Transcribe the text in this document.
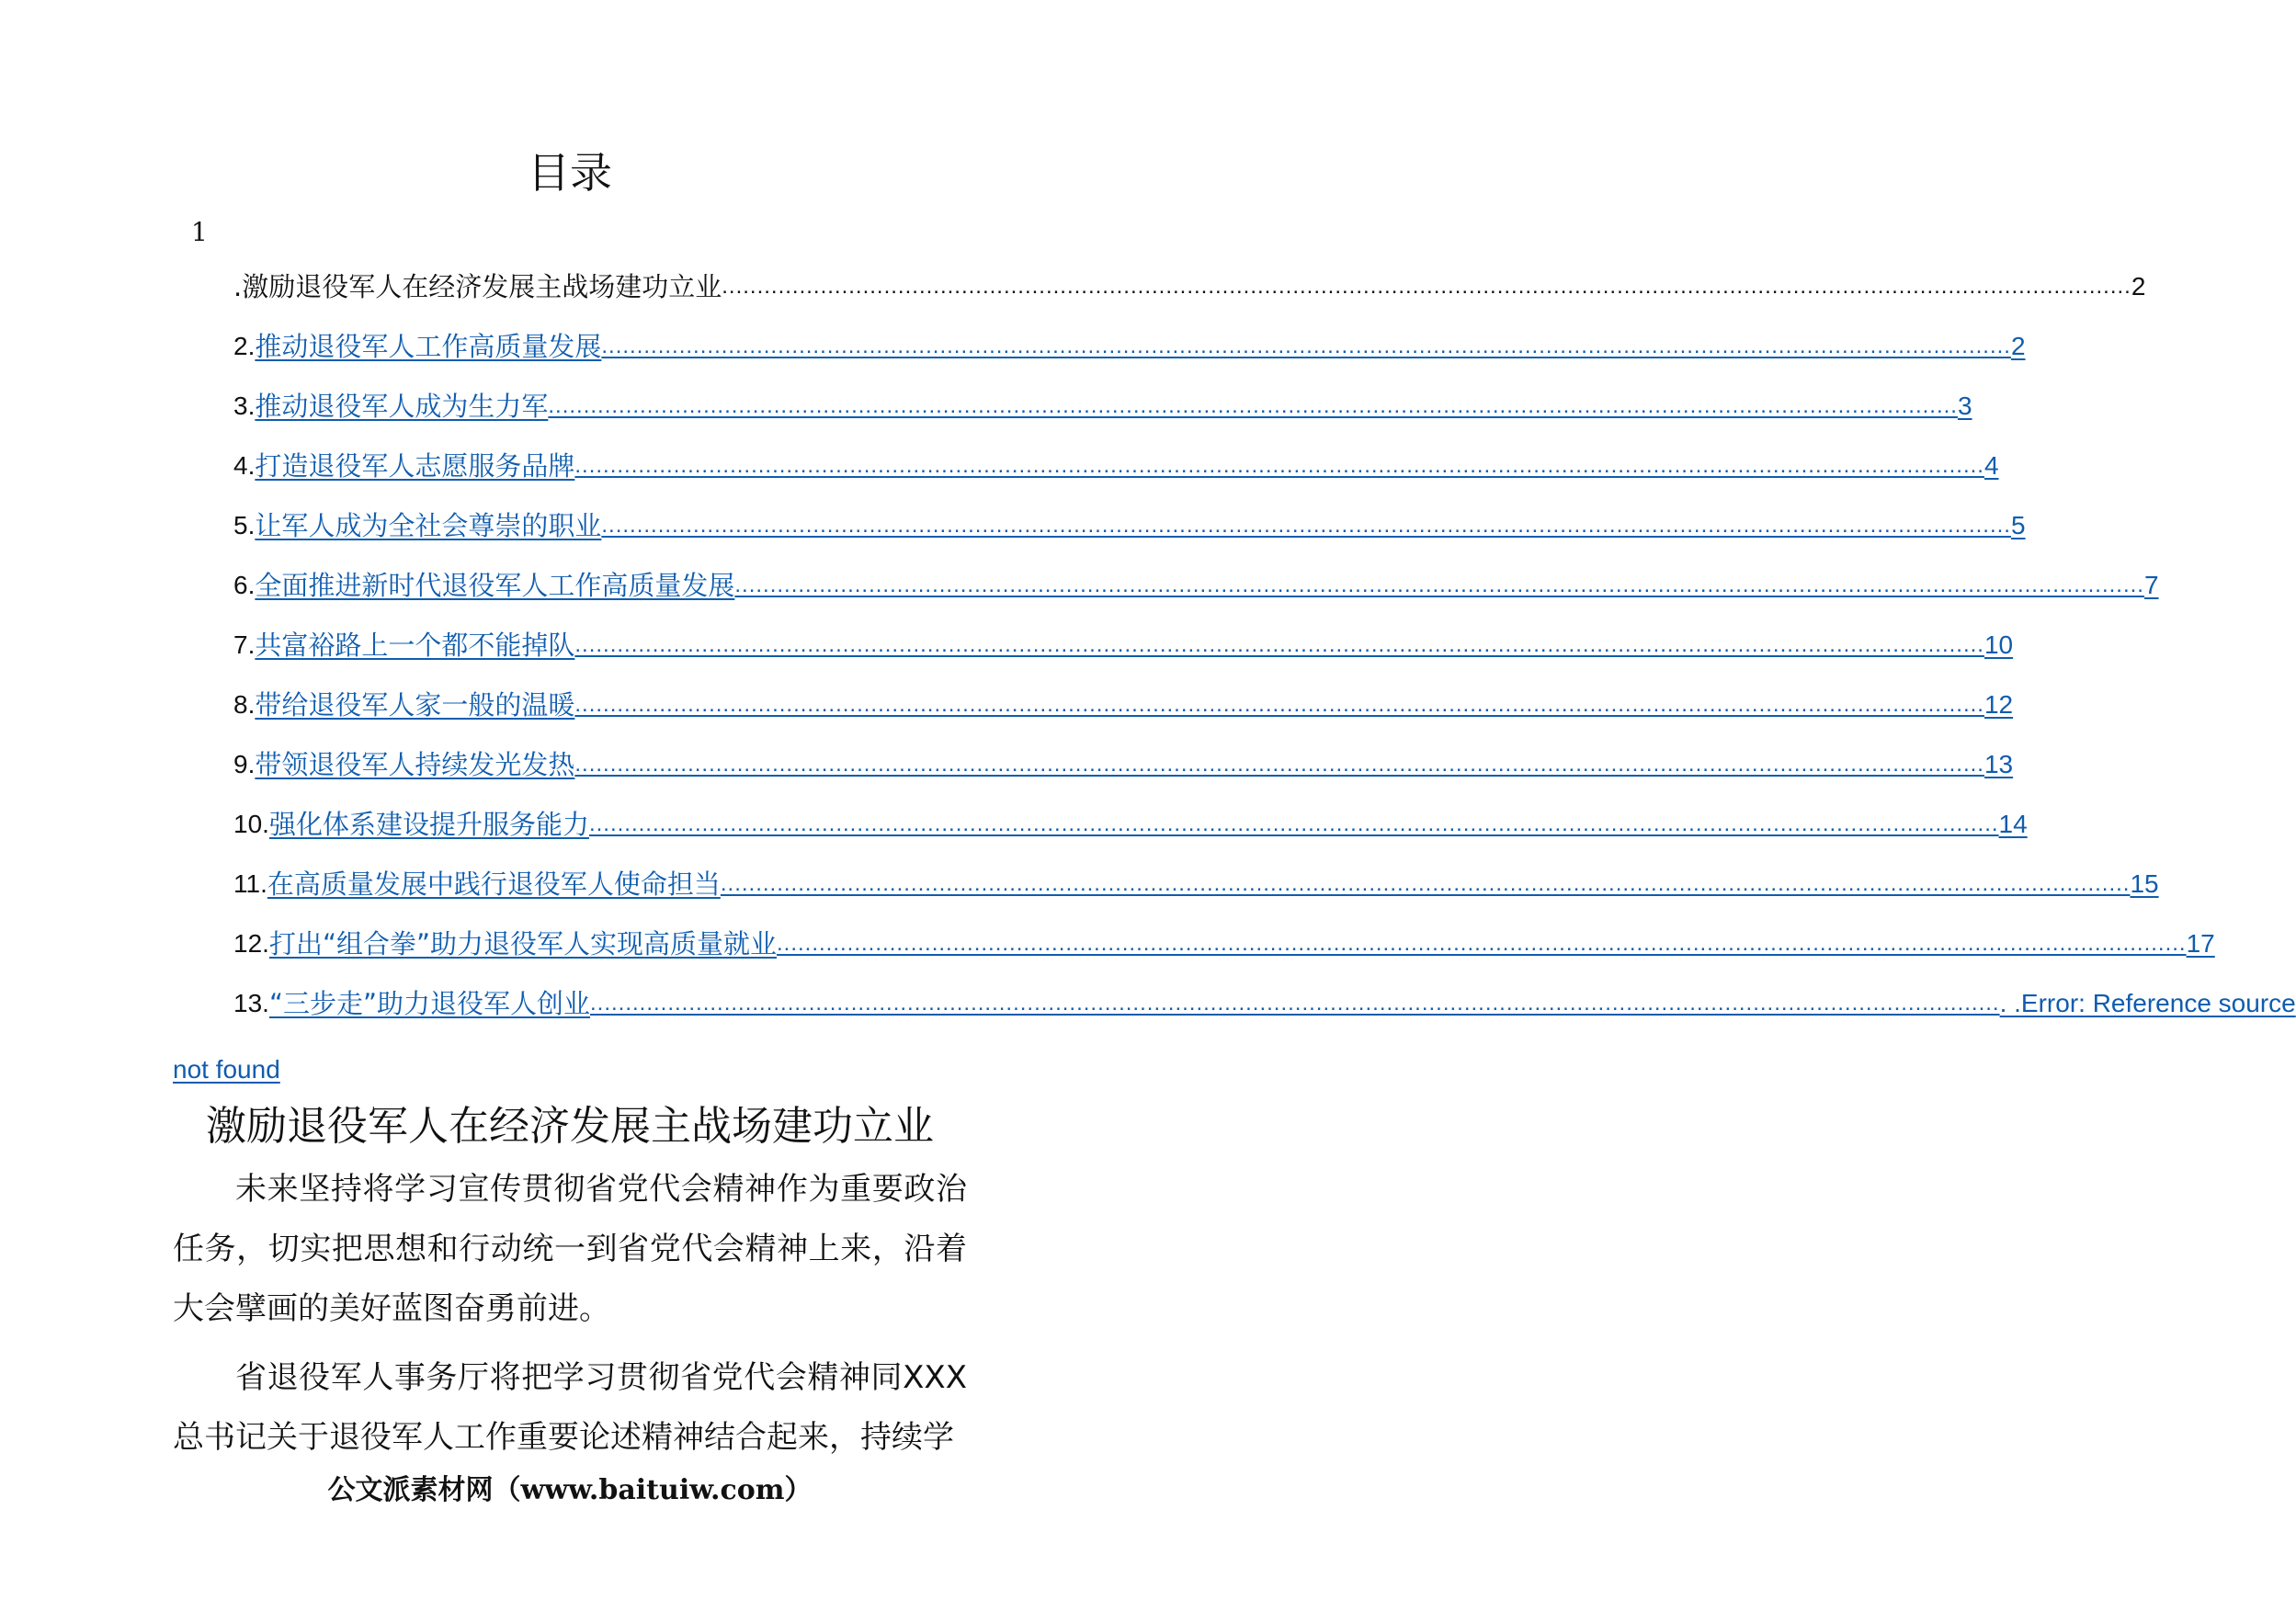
目录
1
.激励退役军人在经济发展主战场建功立业 ........................................................................................................................................................................................................ 2
2. 推动退役军人工作高质量发展 ........................................................................................................................................................................................................ 2
3. 推动退役军人成为生力军 ........................................................................................................................................................................................................ 3
4. 打造退役军人志愿服务品牌 ........................................................................................................................................................................................................ 4
5. 让军人成为全社会尊崇的职业 ........................................................................................................................................................................................................ 5
6. 全面推进新时代退役军人工作高质量发展 ........................................................................................................................................................................................................ 7
7. 共富裕路上一个都不能掉队 ........................................................................................................................................................................................................ 10
8. 带给退役军人家一般的温暖 ........................................................................................................................................................................................................ 12
9. 带领退役军人持续发光发热 ........................................................................................................................................................................................................ 13
10. 强化体系建设提升服务能力 ........................................................................................................................................................................................................ 14
11. 在高质量发展中践行退役军人使命担当 ........................................................................................................................................................................................................ 15
12. 打出“组合拳”助力退役军人实现高质量就业 ........................................................................................................................................................................................................ 17
13. “三步走”助力退役军人创业 ........................................................................................................................................................................................................ . .Error: Reference source
not found
激励退役军人在经济发展主战场建功立业

未来坚持将学习宣传贯彻省党代会精神作为重要政治任务，切实把思想和行动统一到省党代会精神上来，沿着大会擘画的美好蓝图奋勇前进。

省退役军人事务厅将把学习贯彻省党代会精神同XXX总书记关于退役军人工作重要论述精神结合起来，持续学

公文派素材网（www.baituiw.com）
